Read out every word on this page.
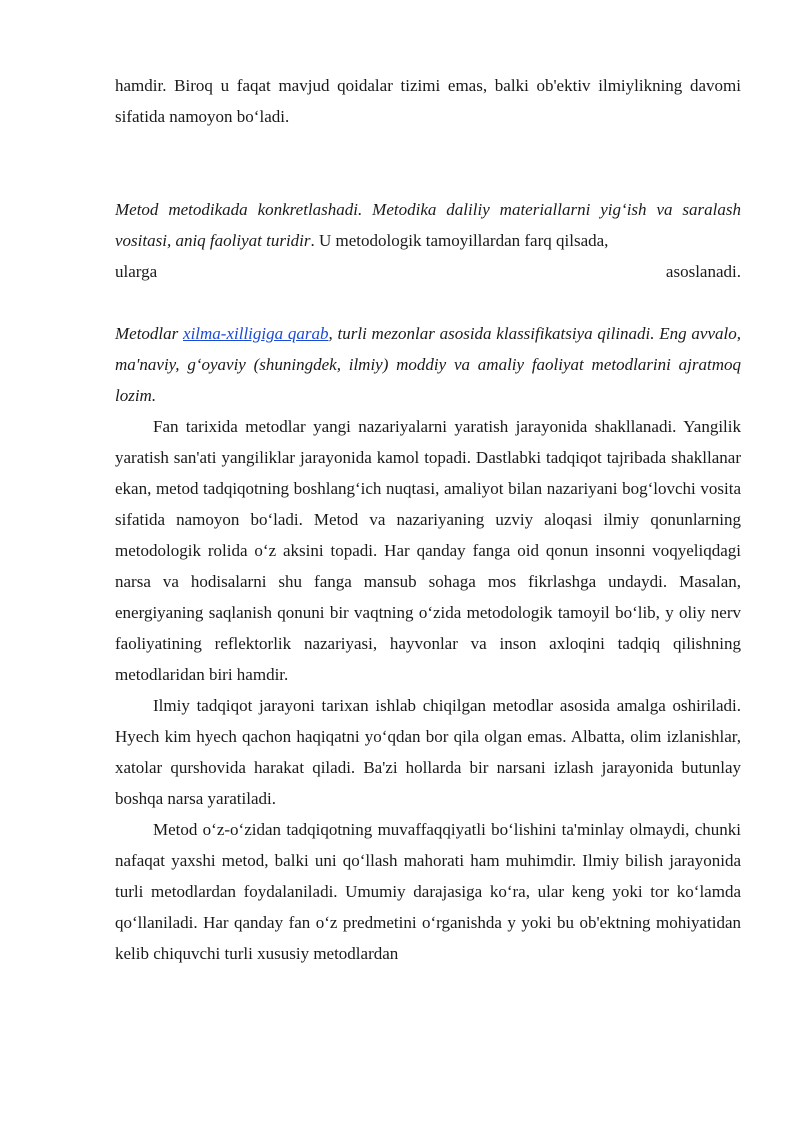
hamdir. Biroq u faqat mavjud qoidalar tizimi emas, balki ob'ektiv ilmiylikning davomi sifatida namoyon bo‘ladi.

Metod metodikada konkretlashadi. Metodika daliliy materiallarni yig‘ish va saralash vositasi, aniq faoliyat turidir. U metodologik tamoyillardan farq qilsada,

ularga	asoslanadi.

Metodlar xilma-xilligiga qarab, turli mezonlar asosida klassifikatsiya qilinadi. Eng avvalo, ma'naviy, g‘oyaviy (shuningdek, ilmiy) moddiy va amaliy faoliyat metodlarini ajratmoq lozim.

Fan tarixida metodlar yangi nazariyalarni yaratish jarayonida shakllanadi. Yangilik yaratish san'ati yangiliklar jarayonida kamol topadi. Dastlabki tadqiqot tajribada shakllanar ekan, metod tadqiqotning boshlang‘ich nuqtasi, amaliyot bilan nazariyani bog‘lovchi vosita sifatida namoyon bo‘ladi. Metod va nazariyaning uzviy aloqasi ilmiy qonunlarning metodologik rolida o‘z aksini topadi. Har qanday fanga oid qonun insonni voqyeliqdagi narsa va hodisalarni shu fanga mansub sohaga mos fikrlashga undaydi. Masalan, energiyaning saqlanish qonuni bir vaqtning o‘zida metodologik tamoyil bo‘lib, y oliy nerv faoliyatining reflektorlik nazariyasi, hayvonlar va inson axloqini tadqiq qilishning metodlaridan biri hamdir.

Ilmiy tadqiqot jarayoni tarixan ishlab chiqilgan metodlar asosida amalga oshiriladi. Hyech kim hyech qachon haqiqatni yo‘qdan bor qila olgan emas. Albatta, olim izlanishlar, xatolar qurshovida harakat qiladi. Ba'zi hollarda bir narsani izlash jarayonida butunlay boshqa narsa yaratiladi.

Metod o‘z-o‘zidan tadqiqotning muvaffaqqiyatli bo‘lishini ta'minlay olmaydi, chunki nafaqat yaxshi metod, balki uni qo‘llash mahorati ham muhimdir. Ilmiy bilish jarayonida turli metodlardan foydalaniladi. Umumiy darajasiga ko‘ra, ular keng yoki tor ko‘lamda qo‘llaniladi. Har qanday fan o‘z predmetini o‘rganishda y yoki bu ob'ektning mohiyatidan kelib chiquvchi turli xususiy metodlardan
